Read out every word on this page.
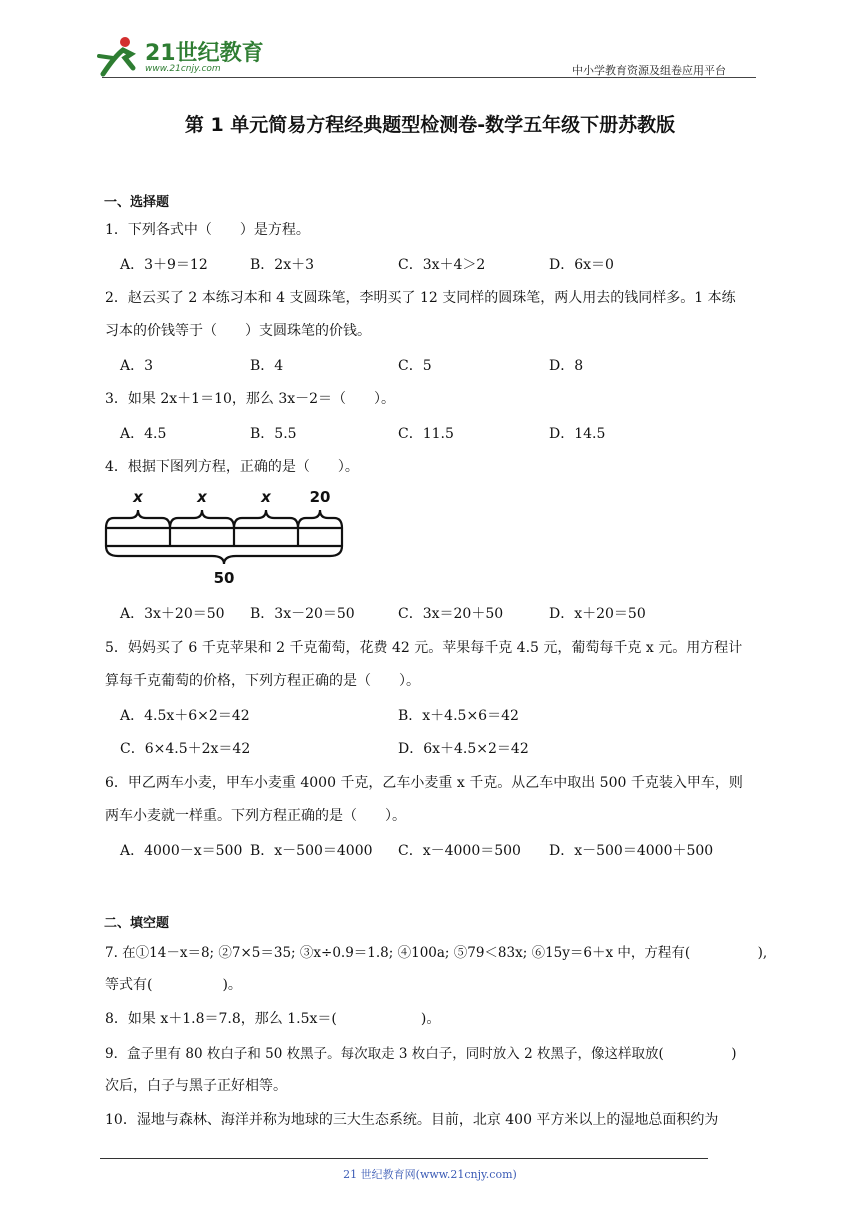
21世纪教育
www.21cnjy.com	中小学教育资源及组卷应用平台
第 1 单元简易方程经典题型检测卷-数学五年级下册苏教版
一、选择题
1．下列各式中（　　）是方程。
A．3＋9＝12	B．2x＋3	C．3x＋4＞2	D．6x＝0
2．赵云买了 2 本练习本和 4 支圆珠笔，李明买了 12 支同样的圆珠笔，两人用去的钱同样多。1 本练
习本的价钱等于（　　）支圆珠笔的价钱。
A．3	B．4	C．5	D．8
3．如果 2x＋1＝10，那么 3x－2＝（　　）。
A．4.5	B．5.5	C．11.5	D．14.5
4．根据下图列方程，正确的是（　　）。
x	x	x	20
50
A．3x＋20＝50 B．3x－20＝50	C．3x＝20＋50	D．x＋20＝50
5．妈妈买了 6 千克苹果和 2 千克葡萄，花费 42 元。苹果每千克 4.5 元，葡萄每千克 x 元。用方程计
算每千克葡萄的价格，下列方程正确的是（　　）。
A．4.5x＋6×2＝42	B．x＋4.5×6＝42
C．6×4.5＋2x＝42	D．6x＋4.5×2＝42
6．甲乙两车小麦，甲车小麦重 4000 千克，乙车小麦重 x 千克。从乙车中取出 500 千克装入甲车，则
两车小麦就一样重。下列方程正确的是（　　）。
A．4000－x＝500 B．x－500＝4000 C．x－4000＝500 D．x－500＝4000＋500
二、填空题
7. 在①14－x＝8; ②7×5＝35; ③x÷0.9＝1.8; ④100a; ⑤79＜83x; ⑥15y＝6＋x 中，方程有(　　　　　),
等式有(　　　　　)。
8．如果 x＋1.8＝7.8，那么 1.5x＝(　　　　　　)。
9．盒子里有 80 枚白子和 50 枚黑子。每次取走 3 枚白子，同时放入 2 枚黑子，像这样取放(　　　　　)
次后，白子与黑子正好相等。
10．湿地与森林、海洋并称为地球的三大生态系统。目前，北京 400 平方米以上的湿地总面积约为
21 世纪教育网(www.21cnjy.com)
